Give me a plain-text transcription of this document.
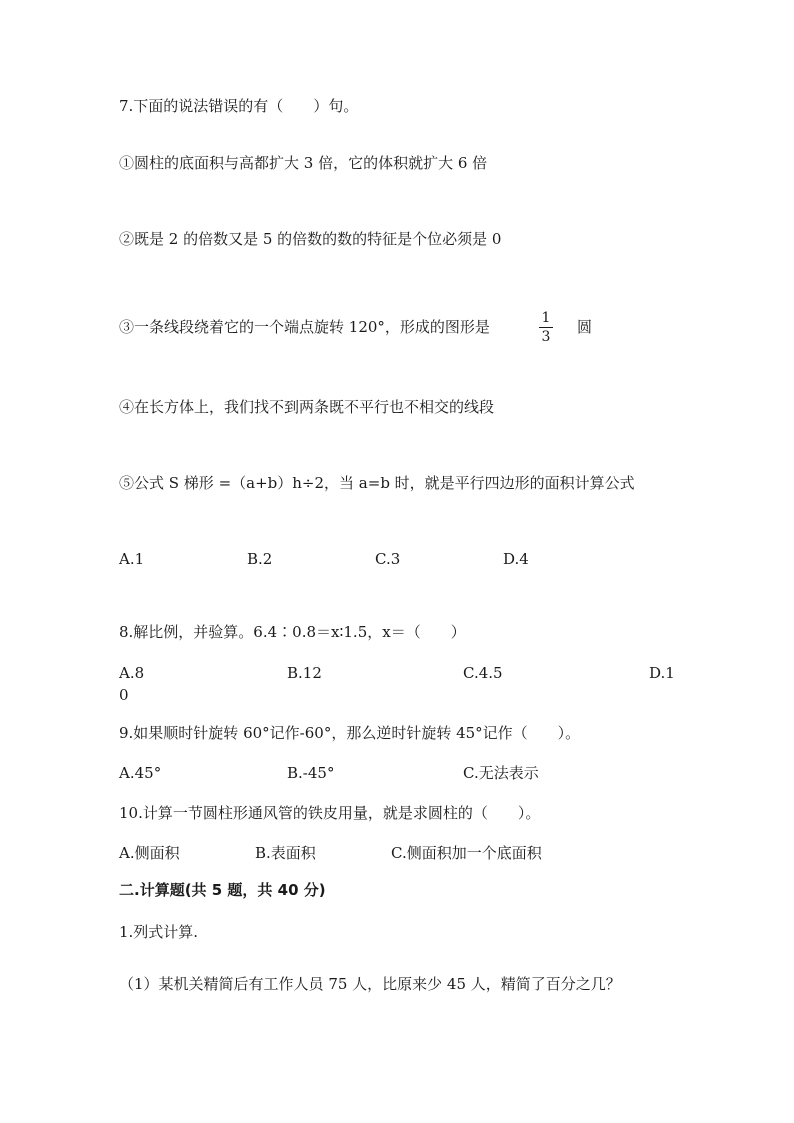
7.下面的说法错误的有（　　）句。
①圆柱的底面积与高都扩大 3 倍，它的体积就扩大 6 倍
②既是 2 的倍数又是 5 的倍数的数的特征是个位必须是 0
③一条线段绕着它的一个端点旋转 120°，形成的图形是	1
3
圆
④在长方体上，我们找不到两条既不平行也不相交的线段
⑤公式 S 梯形 =（a+b）h÷2，当 a=b 时，就是平行四边形的面积计算公式
A.1	B.2	C.3	D.4
8.解比例，并验算。6.4∶0.8＝x∶1.5，x＝（　　）
A.8	B.12	C.4.5	D.1
0
9.如果顺时针旋转 60°记作-60°，那么逆时针旋转 45°记作（　　）。
A.45°	B.-45°	C.无法表示
10.计算一节圆柱形通风管的铁皮用量，就是求圆柱的（　　）。
A.侧面积	B.表面积	C.侧面积加一个底面积
二.计算题(共 5 题，共 40 分)
1.列式计算.
（1）某机关精简后有工作人员 75 人，比原来少 45 人，精简了百分之几？
